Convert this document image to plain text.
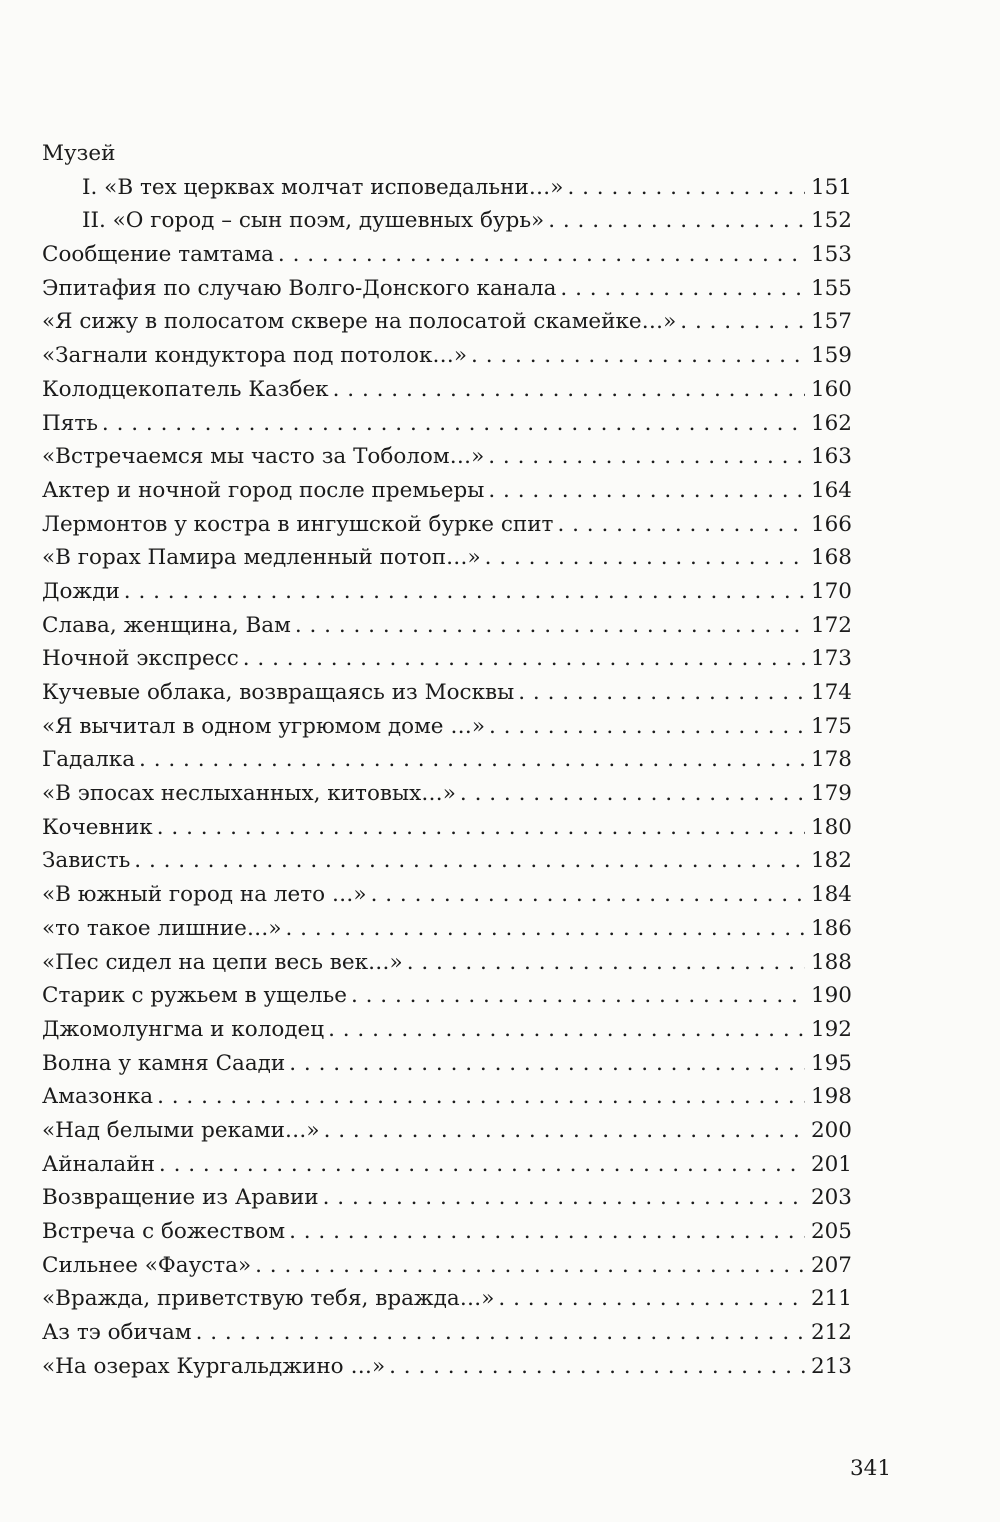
Музей
I. «В тех церквах молчат исповедальни…» . . .	151
II. «О город – сын поэм, душевных бурь» . . .	152
Сообщение тамтама . . .	153
Эпитафия по случаю Волго-Донского канала . . .	155
«Я сижу в полосатом сквере на полосатой скамейке…» . . .	157
«Загнали кондуктора под потолок…» . . .	159
Колодцекопатель Казбек . . .	160
Пять . . .	162
«Встречаемся мы часто за Тоболом…» . . .	163
Актер и ночной город после премьеры . . .	164
Лермонтов у костра в ингушской бурке спит . . .	166
«В горах Памира медленный потоп…» . . .	168
Дожди . . .	170
Слава, женщина, Вам . . .	172
Ночной экспресс . . .	173
Кучевые облака, возвращаясь из Москвы . . .	174
«Я вычитал в одном угрюмом доме …» . . .	175
Гадалка . . .	178
«В эпосах неслыханных, китовых…» . . .	179
Кочевник . . .	180
Зависть . . .	182
«В южный город на лето …» . . .	184
«то такое лишние…» . . .	186
«Пес сидел на цепи весь век…» . . .	188
Старик с ружьем в ущелье . . .	190
Джомолунгма и колодец . . .	192
Волна у камня Саади . . .	195
Амазонка . . .	198
«Над белыми реками…» . . .	200
Айналайн . . .	201
Возвращение из Аравии . . .	203
Встреча с божеством . . .	205
Сильнее «Фауста» . . .	207
«Вражда, приветствую тебя, вражда…» . . .	211
Аз тэ обичам . . .	212
«На озерах Кургальджино …» . . .	213
341
